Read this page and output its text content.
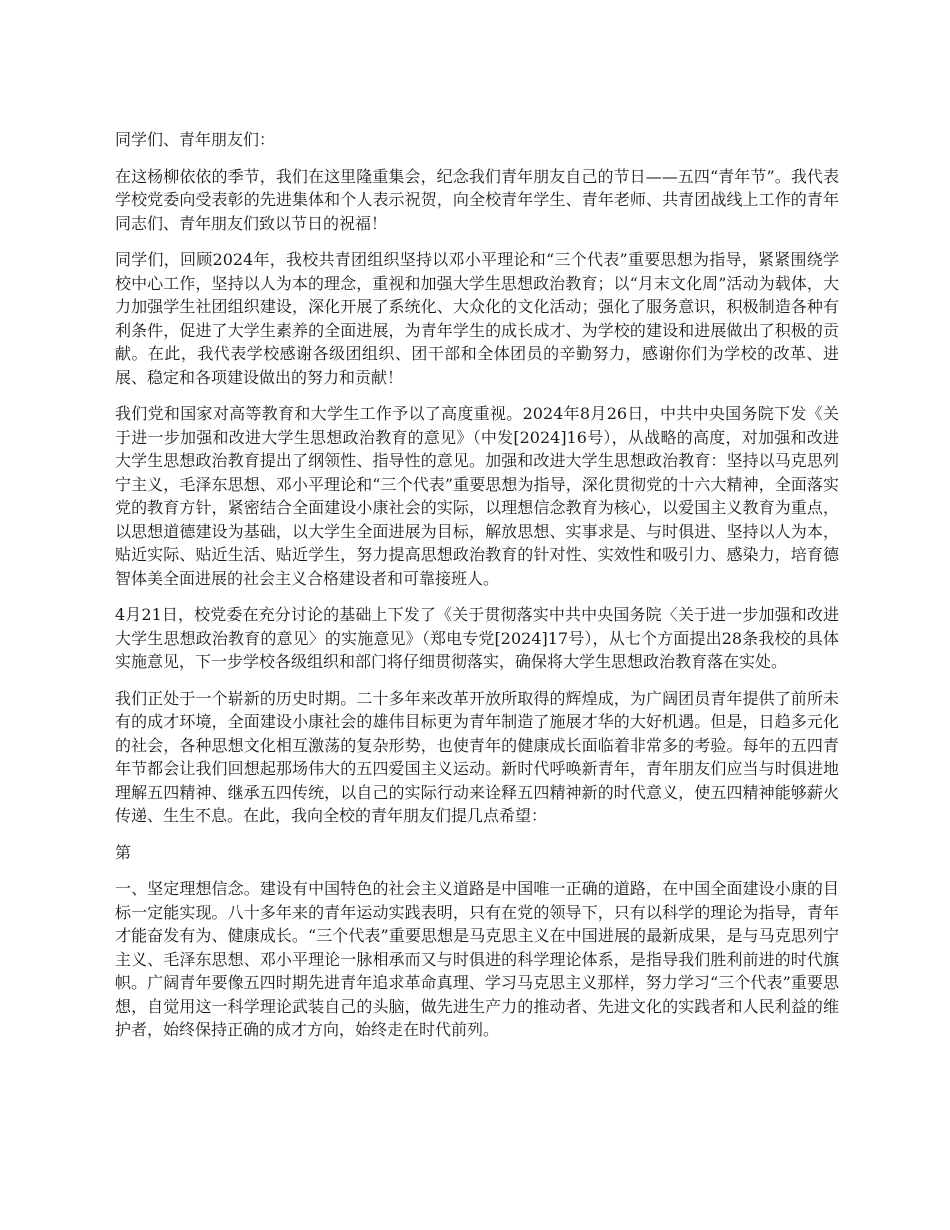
同学们、青年朋友们：

在这杨柳依依的季节，我们在这里隆重集会，纪念我们青年朋友自己的节日——五四“青年节”。我代表学校党委向受表彰的先进集体和个人表示祝贺，向全校青年学生、青年老师、共青团战线上工作的青年同志们、青年朋友们致以节日的祝福！

同学们，回顾2024年，我校共青团组织坚持以邓小平理论和“三个代表”重要思想为指导，紧紧围绕学校中心工作，坚持以人为本的理念，重视和加强大学生思想政治教育；以“月末文化周”活动为载体，大力加强学生社团组织建设，深化开展了系统化、大众化的文化活动；强化了服务意识，积极制造各种有利条件，促进了大学生素养的全面进展，为青年学生的成长成才、为学校的建设和进展做出了积极的贡献。在此，我代表学校感谢各级团组织、团干部和全体团员的辛勤努力，感谢你们为学校的改革、进展、稳定和各项建设做出的努力和贡献！

我们党和国家对高等教育和大学生工作予以了高度重视。2024年8月26日，中共中央国务院下发《关于进一步加强和改进大学生思想政治教育的意见》（中发[2024]16号），从战略的高度，对加强和改进大学生思想政治教育提出了纲领性、指导性的意见。加强和改进大学生思想政治教育：坚持以马克思列宁主义，毛泽东思想、邓小平理论和“三个代表”重要思想为指导，深化贯彻党的十六大精神，全面落实党的教育方针，紧密结合全面建设小康社会的实际，以理想信念教育为核心，以爱国主义教育为重点，以思想道德建设为基础，以大学生全面进展为目标，解放思想、实事求是、与时俱进、坚持以人为本，贴近实际、贴近生活、贴近学生，努力提高思想政治教育的针对性、实效性和吸引力、感染力，培育德智体美全面进展的社会主义合格建设者和可靠接班人。

4月21日，校党委在充分讨论的基础上下发了《关于贯彻落实中共中央国务院〈关于进一步加强和改进大学生思想政治教育的意见〉的实施意见》（郑电专党[2024]17号），从七个方面提出28条我校的具体实施意见，下一步学校各级组织和部门将仔细贯彻落实，确保将大学生思想政治教育落在实处。

我们正处于一个崭新的历史时期。二十多年来改革开放所取得的辉煌成，为广阔团员青年提供了前所未有的成才环境，全面建设小康社会的雄伟目标更为青年制造了施展才华的大好机遇。但是，日趋多元化的社会，各种思想文化相互激荡的复杂形势，也使青年的健康成长面临着非常多的考验。每年的五四青年节都会让我们回想起那场伟大的五四爱国主义运动。新时代呼唤新青年，青年朋友们应当与时俱进地理解五四精神、继承五四传统，以自己的实际行动来诠释五四精神新的时代意义，使五四精神能够薪火传递、生生不息。在此，我向全校的青年朋友们提几点希望：

第

一、坚定理想信念。建设有中国特色的社会主义道路是中国唯一正确的道路，在中国全面建设小康的目标一定能实现。八十多年来的青年运动实践表明，只有在党的领导下，只有以科学的理论为指导，青年才能奋发有为、健康成长。“三个代表”重要思想是马克思主义在中国进展的最新成果，是与马克思列宁主义、毛泽东思想、邓小平理论一脉相承而又与时俱进的科学理论体系，是指导我们胜利前进的时代旗帜。广阔青年要像五四时期先进青年追求革命真理、学习马克思主义那样，努力学习“三个代表”重要思想，自觉用这一科学理论武装自己的头脑，做先进生产力的推动者、先进文化的实践者和人民利益的维护者，始终保持正确的成才方向，始终走在时代前列。
